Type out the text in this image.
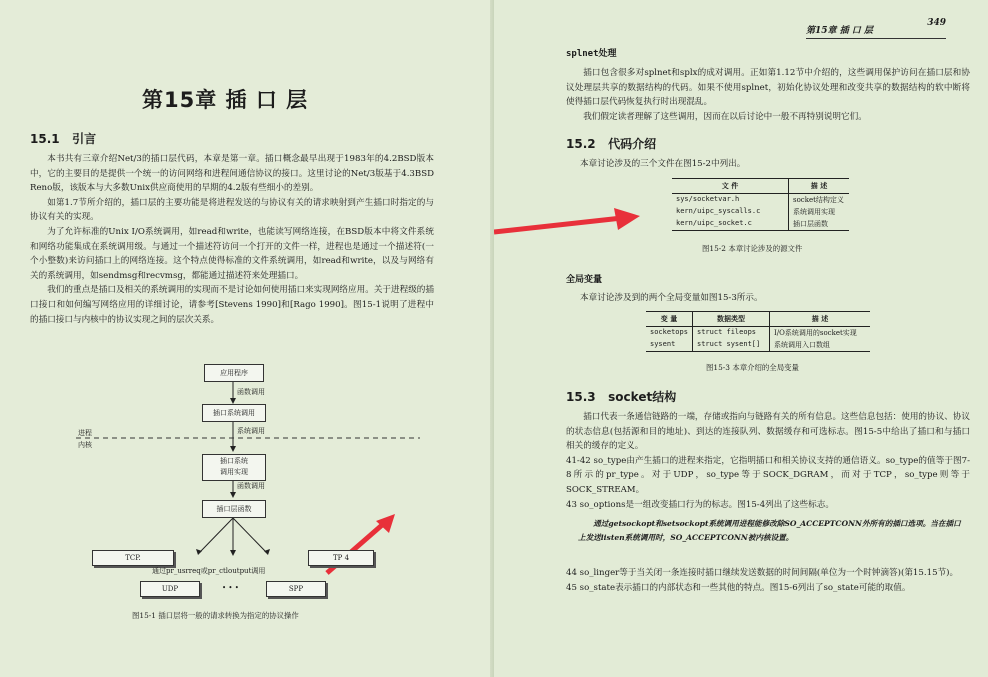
第15章 插 口 层
15.1 引言

本书共有三章介绍Net/3的插口层代码，本章是第一章。插口概念最早出现于1983年的4.2BSD版本中，它的主要目的是提供一个统一的访问网络和进程间通信协议的接口。这里讨论的Net/3版基于4.3BSD Reno版，该版本与大多数Unix供应商使用的早期的4.2版有些细小的差别。

如第1.7节所介绍的，插口层的主要功能是将进程发送的与协议有关的请求映射到产生插口时指定的与协议有关的实现。

为了允许标准的Unix I/O系统调用，如read和write，也能读写网络连接，在BSD版本中将文件系统和网络功能集成在系统调用级。与通过一个描述符访问一个打开的文件一样，进程也是通过一个描述符(一个小整数)来访问插口上的网络连接。这个特点使得标准的文件系统调用，如read和write，以及与网络有关的系统调用，如sendmsg和recvmsg，都能通过描述符来处理插口。

我们的重点是插口及相关的系统调用的实现而不是讨论如何使用插口来实现网络应用。关于进程级的插口接口和如何编写网络应用的详细讨论，请参考[Stevens 1990]和[Rago 1990]。图15-1说明了进程中的插口接口与内核中的协议实现之间的层次关系。

应用程序
函数调用
插口系统调用
系统调用
进程
内核
插口系统
调用实现
函数调用
插口层函数
TCP.	TP 4
通过pr_usrreq或pr_ctloutput调用
UDP	• • •	SPP
图15-1 插口层将一般的请求转换为指定的协议操作
第15章 插 口 层
349
splnet处理

插口包含很多对splnet和splx的成对调用。正如第1.12节中介绍的，这些调用保护访问在插口层和协议处理层共享的数据结构的代码。如果不使用splnet，初始化协议处理和改变共享的数据结构的软中断将使得插口层代码恢复执行时出现混乱。

我们假定读者理解了这些调用，因而在以后讨论中一般不再特别说明它们。

15.2 代码介绍
本章讨论涉及的三个文件在图15-2中列出。
文 件	描 述
sys/socketvar.h	socket结构定义
kern/uipc_syscalls.c	系统调用实现
kern/uipc_socket.c	插口层函数
图15-2 本章讨论涉及的源文件
全局变量
本章讨论涉及到的两个全局变量如图15-3所示。
变 量	数据类型	描 述
socketops	struct fileops	I/O系统调用的socket实现
sysent	struct sysent[]	系统调用入口数组
图15-3 本章介绍的全局变量
15.3 socket结构

插口代表一条通信链路的一端，存储或指向与链路有关的所有信息。这些信息包括：使用的协议、协议的状态信息(包括源和目的地址)、到达的连接队列、数据缓存和可选标志。图15-5中给出了插口和与插口相关的缓存的定义。

41-42 so_type由产生插口的进程来指定，它指明插口和相关协议支持的通信语义。so_type的值等于图7-8所示的pr_type。对于UDP，so_type等于SOCK_DGRAM，而对于TCP，so_type则等于SOCK_STREAM。

43 so_options是一组改变插口行为的标志。图15-4列出了这些标志。

通过getsockopt和setsockopt系统调用进程能修改除SO_ACCEPTCONN外所有的插口选项。当在插口上发送listen系统调用时，SO_ACCEPTCONN被内核设置。

44 so_linger等于当关闭一条连接时插口继续发送数据的时间间隔(单位为一个时钟滴答)(第15.15节)。

45 so_state表示插口的内部状态和一些其他的特点。图15-6列出了so_state可能的取值。
